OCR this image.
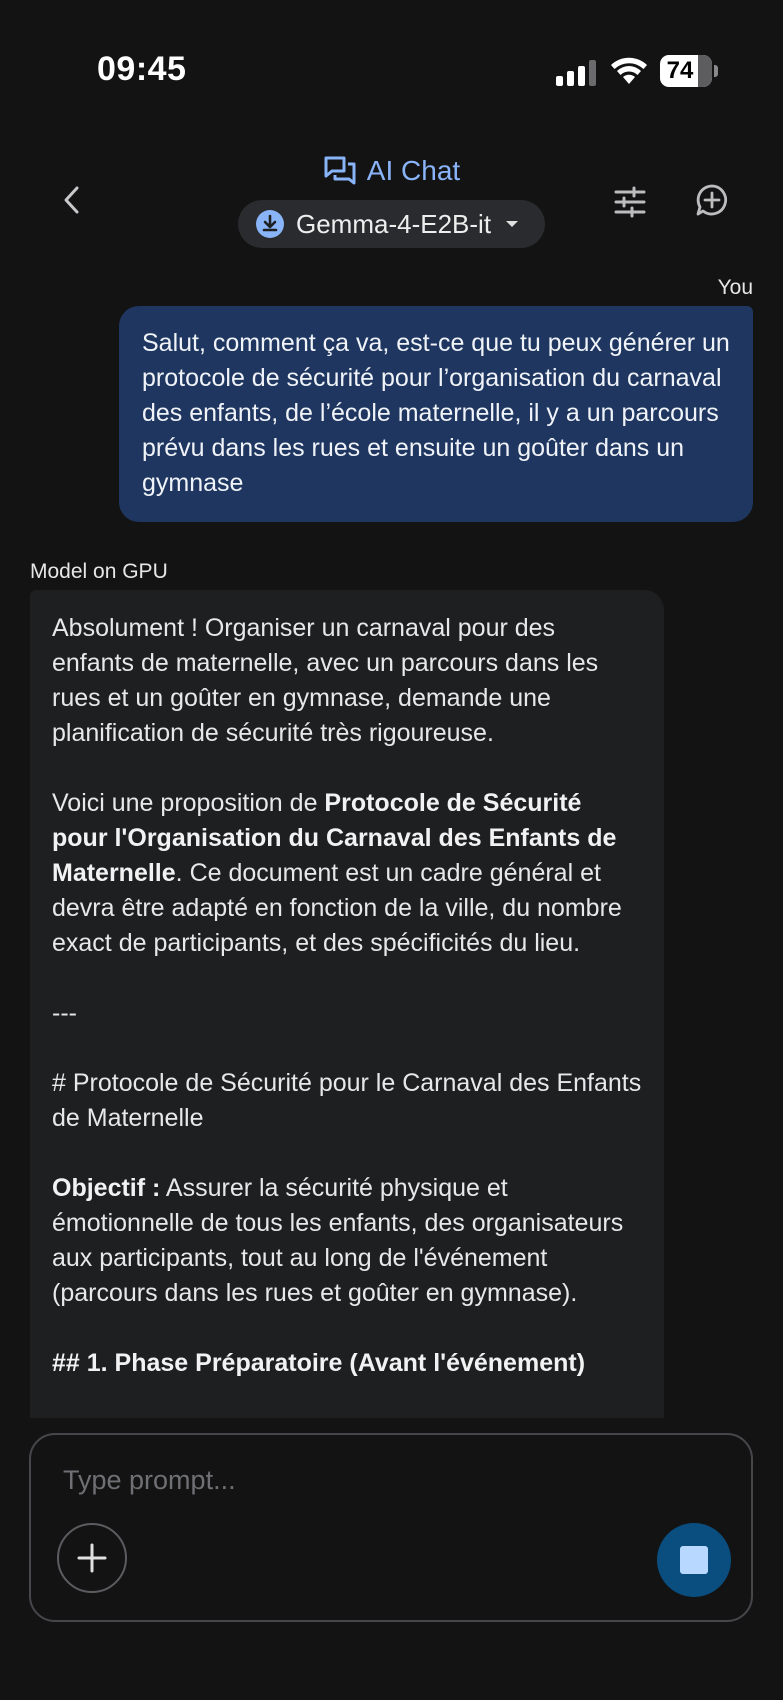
09:45	74
AI Chat
Gemma-4-E2B-it
You
Salut, comment ça va, est-ce que tu peux générer un protocole de sécurité pour l’organisation du carnaval des enfants, de l’école maternelle, il y a un parcours prévu dans les rues et ensuite un goûter dans un gymnase
Model on GPU

Absolument ! Organiser un carnaval pour des enfants de maternelle, avec un parcours dans les rues et un goûter en gymnase, demande une planification de sécurité très rigoureuse.

Voici une proposition de Protocole de Sécurité pour l'Organisation du Carnaval des Enfants de Maternelle. Ce document est un cadre général et devra être adapté en fonction de la ville, du nombre exact de participants, et des spécificités du lieu.

---

# Protocole de Sécurité pour le Carnaval des Enfants de Maternelle

Objectif : Assurer la sécurité physique et émotionnelle de tous les enfants, des organisateurs aux participants, tout au long de l'événement (parcours dans les rues et goûter en gymnase).

## 1. Phase Préparatoire (Avant l'événement)

Type prompt...
